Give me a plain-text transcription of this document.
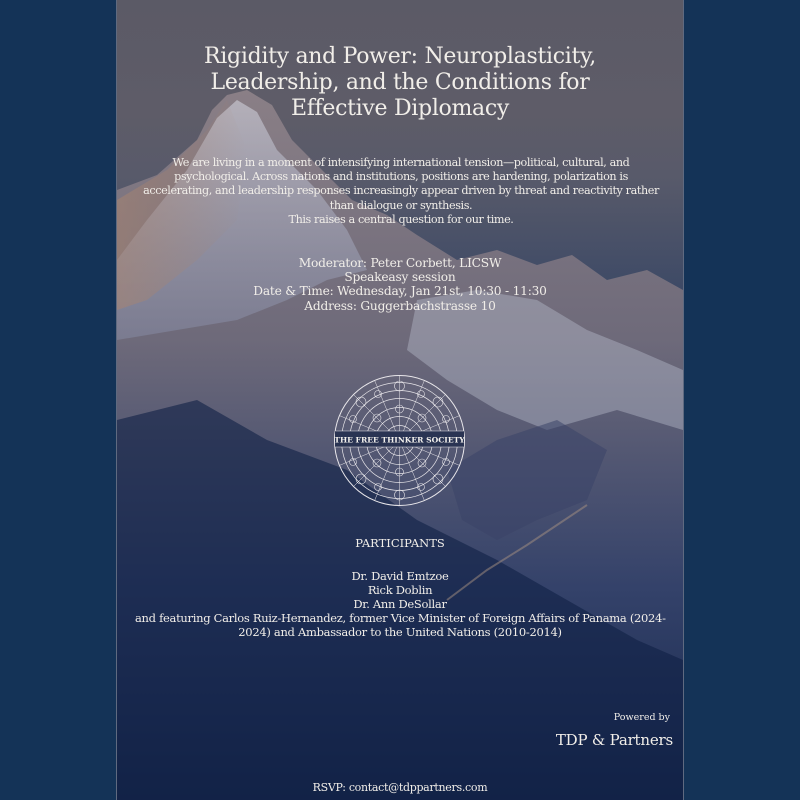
Rigidity and Power: Neuroplasticity,
Leadership, and the Conditions for
Effective Diplomacy
We are living in a moment of intensifying international tension—political, cultural, and
psychological. Across nations and institutions, positions are hardening, polarization is
accelerating, and leadership responses increasingly appear driven by threat and reactivity rather
than dialogue or synthesis.
This raises a central question for our time.
Moderator: Peter Corbett, LICSW
Speakeasy session
Date & Time: Wednesday, Jan 21st, 10:30 - 11:30
Address: Guggerbachstrasse 10
THE FREE THINKER SOCIETY
PARTICIPANTS
Dr. David Emtzoe
Rick Doblin
Dr. Ann DeSollar
and featuring Carlos Ruiz-Hernandez, former Vice Minister of Foreign Affairs of Panama (2024-
2024) and Ambassador to the United Nations (2010-2014)
Powered by
TDP & Partners
RSVP: contact@tdppartners.com
